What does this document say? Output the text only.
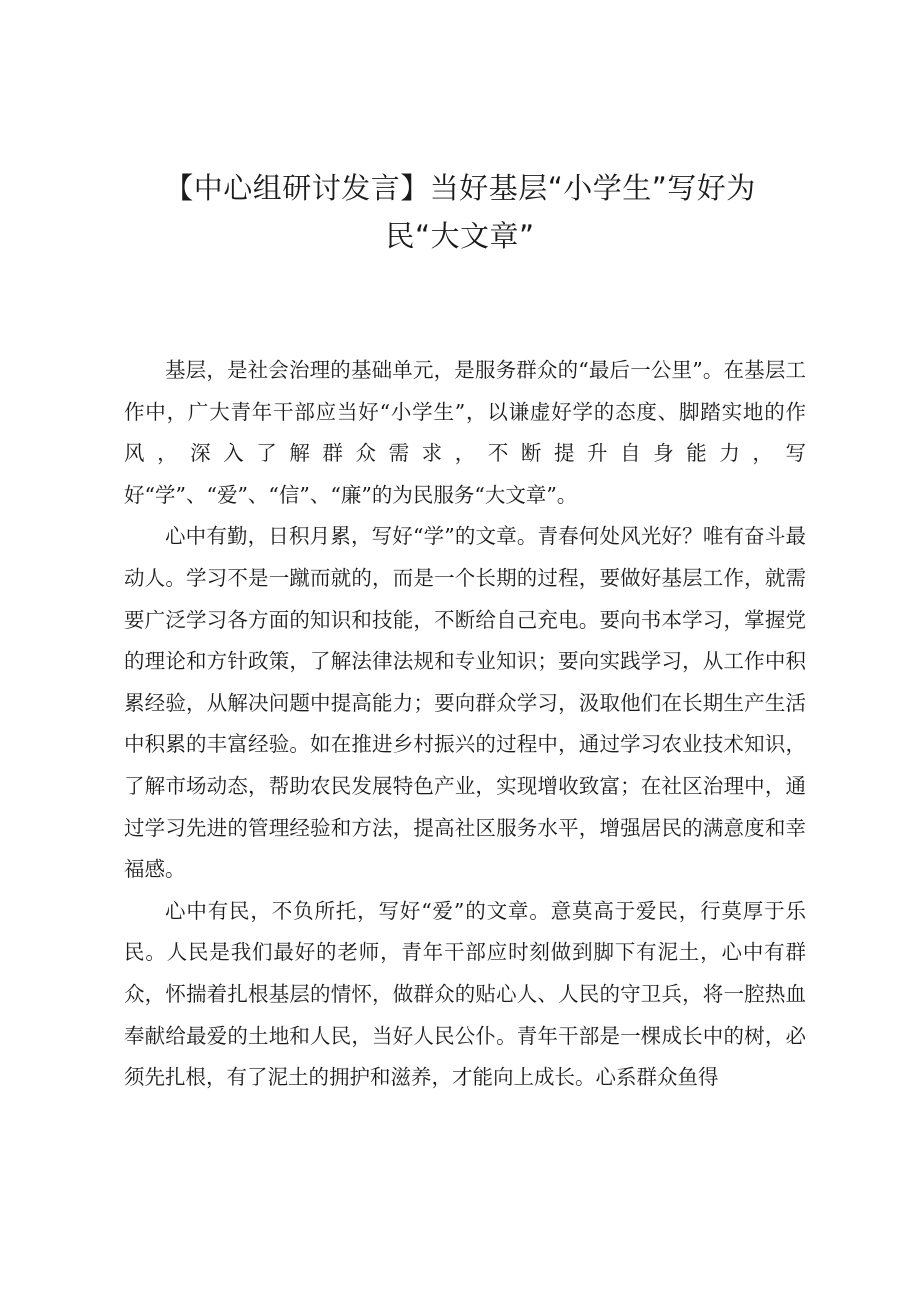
【中心组研讨发言】当好基层“小学生”写好为
民“大文章”

基层，是社会治理的基础单元，是服务群众的“最后一公里”。在基层工作中，广大青年干部应当好“小学生”，以谦虚好学的态度、脚踏实地的作风，深入了解群众需求，不断提升自身能力，写好“学”、“爱”、“信”、“廉”的为民服务“大文章”。

心中有勤，日积月累，写好“学”的文章。青春何处风光好？唯有奋斗最动人。学习不是一蹴而就的，而是一个长期的过程，要做好基层工作，就需要广泛学习各方面的知识和技能，不断给自己充电。要向书本学习，掌握党的理论和方针政策，了解法律法规和专业知识；要向实践学习，从工作中积累经验，从解决问题中提高能力；要向群众学习，汲取他们在长期生产生活中积累的丰富经验。如在推进乡村振兴的过程中，通过学习农业技术知识，了解市场动态，帮助农民发展特色产业，实现增收致富；在社区治理中，通过学习先进的管理经验和方法，提高社区服务水平，增强居民的满意度和幸福感。

心中有民，不负所托，写好“爱”的文章。意莫高于爱民，行莫厚于乐民。人民是我们最好的老师，青年干部应时刻做到脚下有泥土，心中有群众，怀揣着扎根基层的情怀，做群众的贴心人、人民的守卫兵，将一腔热血奉献给最爱的土地和人民，当好人民公仆。青年干部是一棵成长中的树，必须先扎根，有了泥土的拥护和滋养，才能向上成长。心系群众鱼得
